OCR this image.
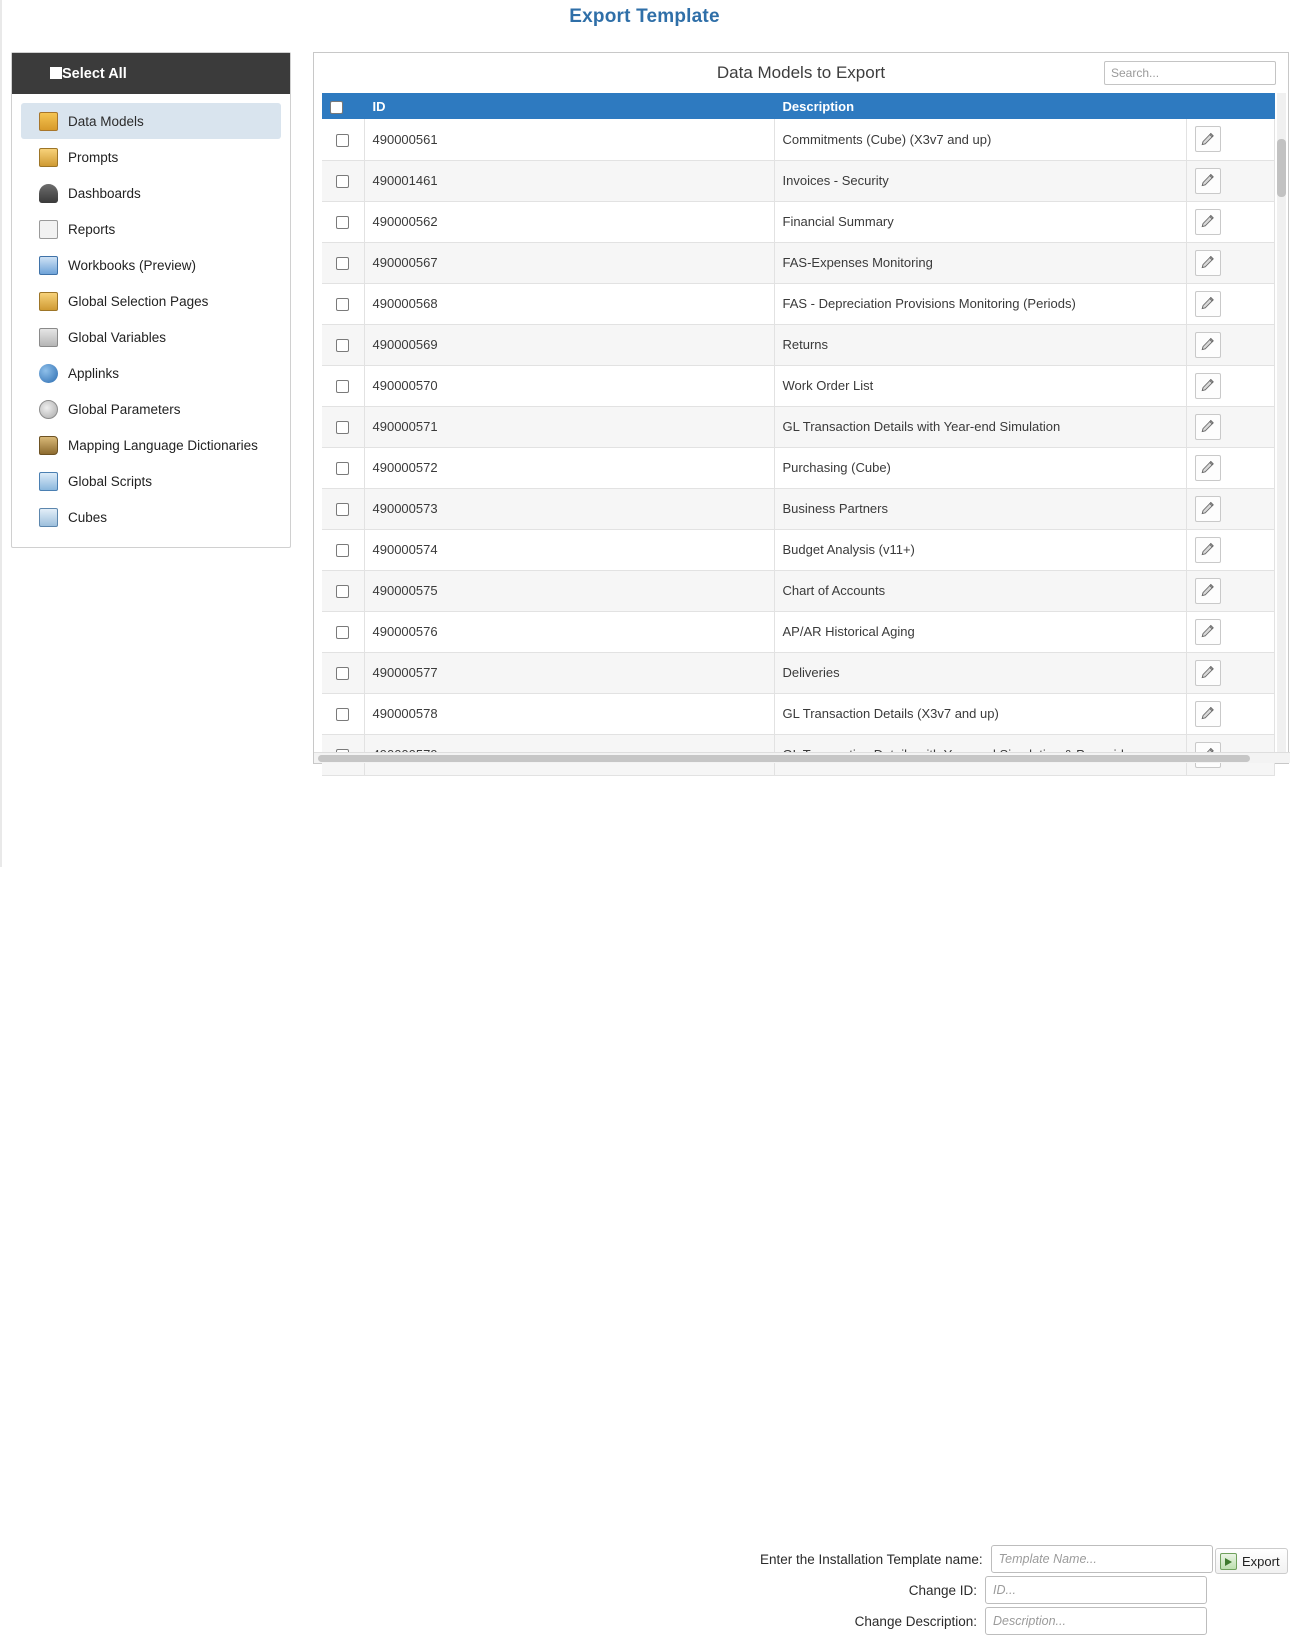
Export Template
Select All
Data Models
Prompts
Dashboards
Reports
Workbooks (Preview)
Global Selection Pages
Global Variables
Applinks
Global Parameters
Mapping Language Dictionaries
Global Scripts
Cubes
Data Models to Export
Search...
	ID	Description	
	490000561	Commitments (Cube) (X3v7 and up)	

	490001461	Invoices - Security	

	490000562	Financial Summary	

	490000567	FAS-Expenses Monitoring	

	490000568	FAS - Depreciation Provisions Monitoring (Periods)	

	490000569	Returns	

	490000570	Work Order List	

	490000571	GL Transaction Details with Year-end Simulation	

	490000572	Purchasing (Cube)	

	490000573	Business Partners	

	490000574	Budget Analysis (v11+)	

	490000575	Chart of Accounts	

	490000576	AP/AR Historical Aging	

	490000577	Deliveries	

	490000578	GL Transaction Details (X3v7 and up)	

Enter the Installation Template name:
Template Name...
Change ID:
ID...
Change Description:
Description...
Export
